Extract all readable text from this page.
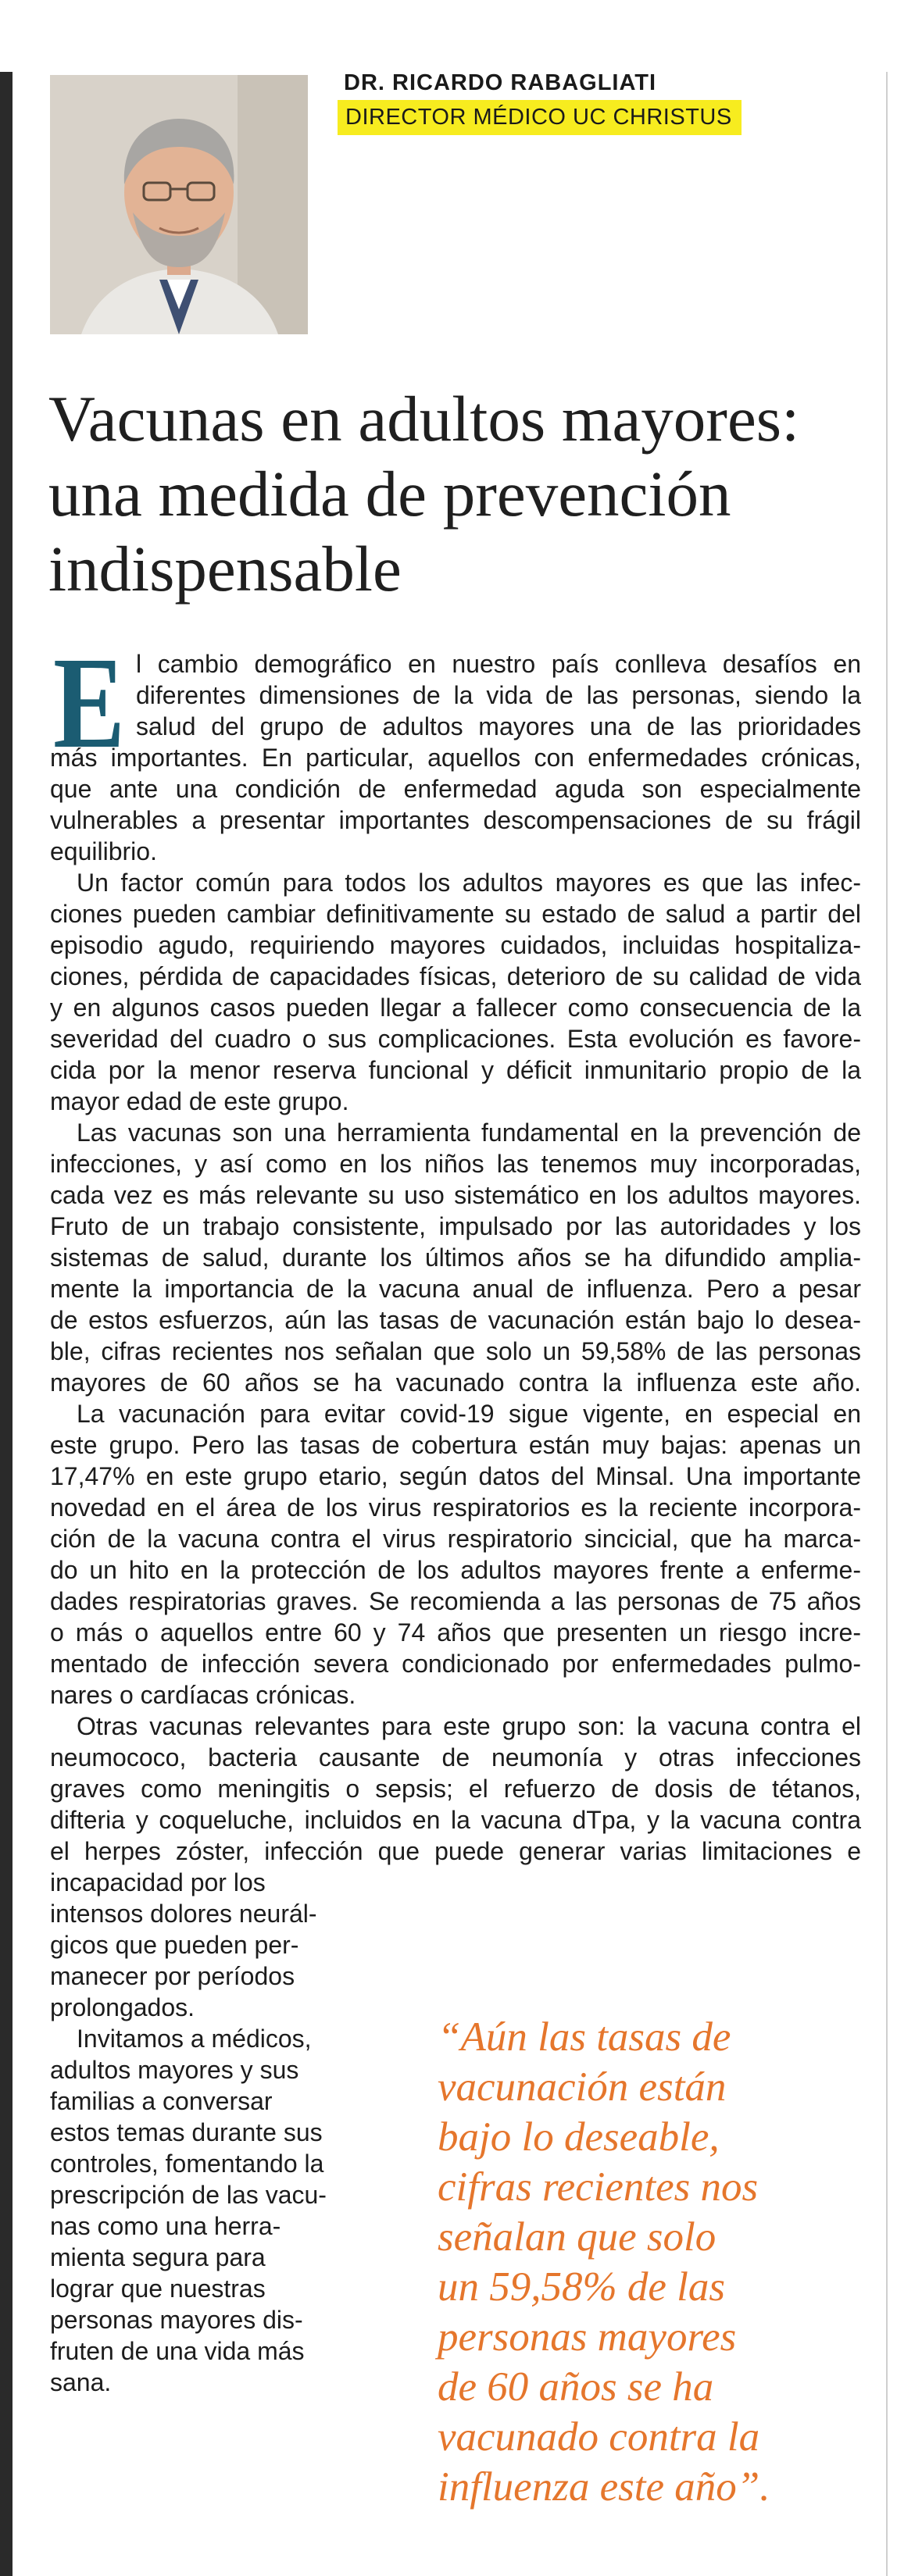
DR. RICARDO RABAGLIATI
DIRECTOR MÉDICO UC CHRISTUS
Vacunas en adultos mayores: una medida de prevención indispensable
E l cambio demográfico en nuestro país conlleva desafíos en

diferentes dimensiones de la vida de las personas, siendo la

salud del grupo de adultos mayores una de las prioridades

más importantes. En particular, aquellos con enfermedades crónicas,

que ante una condición de enfermedad aguda son especialmente

vulnerables a presentar importantes descompensaciones de su frágil

equilibrio.

Un factor común para todos los adultos mayores es que las infec-

ciones pueden cambiar definitivamente su estado de salud a partir del

episodio agudo, requiriendo mayores cuidados, incluidas hospitaliza-

ciones, pérdida de capacidades físicas, deterioro de su calidad de vida

y en algunos casos pueden llegar a fallecer como consecuencia de la

severidad del cuadro o sus complicaciones. Esta evolución es favore-

cida por la menor reserva funcional y déficit inmunitario propio de la

mayor edad de este grupo.

Las vacunas son una herramienta fundamental en la prevención de

infecciones, y así como en los niños las tenemos muy incorporadas,

cada vez es más relevante su uso sistemático en los adultos mayores.

Fruto de un trabajo consistente, impulsado por las autoridades y los

sistemas de salud, durante los últimos años se ha difundido amplia-

mente la importancia de la vacuna anual de influenza. Pero a pesar

de estos esfuerzos, aún las tasas de vacunación están bajo lo desea-

ble, cifras recientes nos señalan que solo un 59,58% de las personas

mayores de 60 años se ha vacunado contra la influenza este año.

La vacunación para evitar covid-19 sigue vigente, en especial en

este grupo. Pero las tasas de cobertura están muy bajas: apenas un

17,47% en este grupo etario, según datos del Minsal. Una importante

novedad en el área de los virus respiratorios es la reciente incorpora-

ción de la vacuna contra el virus respiratorio sincicial, que ha marca-

do un hito en la protección de los adultos mayores frente a enferme-

dades respiratorias graves. Se recomienda a las personas de 75 años

o más o aquellos entre 60 y 74 años que presenten un riesgo incre-

mentado de infección severa condicionado por enfermedades pulmo-

nares o cardíacas crónicas.

Otras vacunas relevantes para este grupo son: la vacuna contra el

neumococo, bacteria causante de neumonía y otras infecciones

graves como meningitis o sepsis; el refuerzo de dosis de tétanos,

difteria y coqueluche, incluidos en la vacuna dTpa, y la vacuna contra

el herpes zóster, infección que puede generar varias limitaciones e

incapacidad por los

intensos dolores neurál-

gicos que pueden per-

manecer por períodos

prolongados.

Invitamos a médicos,

adultos mayores y sus

familias a conversar

estos temas durante sus

controles, fomentando la

prescripción de las vacu-

nas como una herra-

mienta segura para

lograr que nuestras

personas mayores dis-

fruten de una vida más

sana.

“Aún las tasas de
vacunación están
bajo lo deseable,
cifras recientes nos
señalan que solo
un 59,58% de las
personas mayores
de 60 años se ha
vacunado contra la
influenza este año”.
